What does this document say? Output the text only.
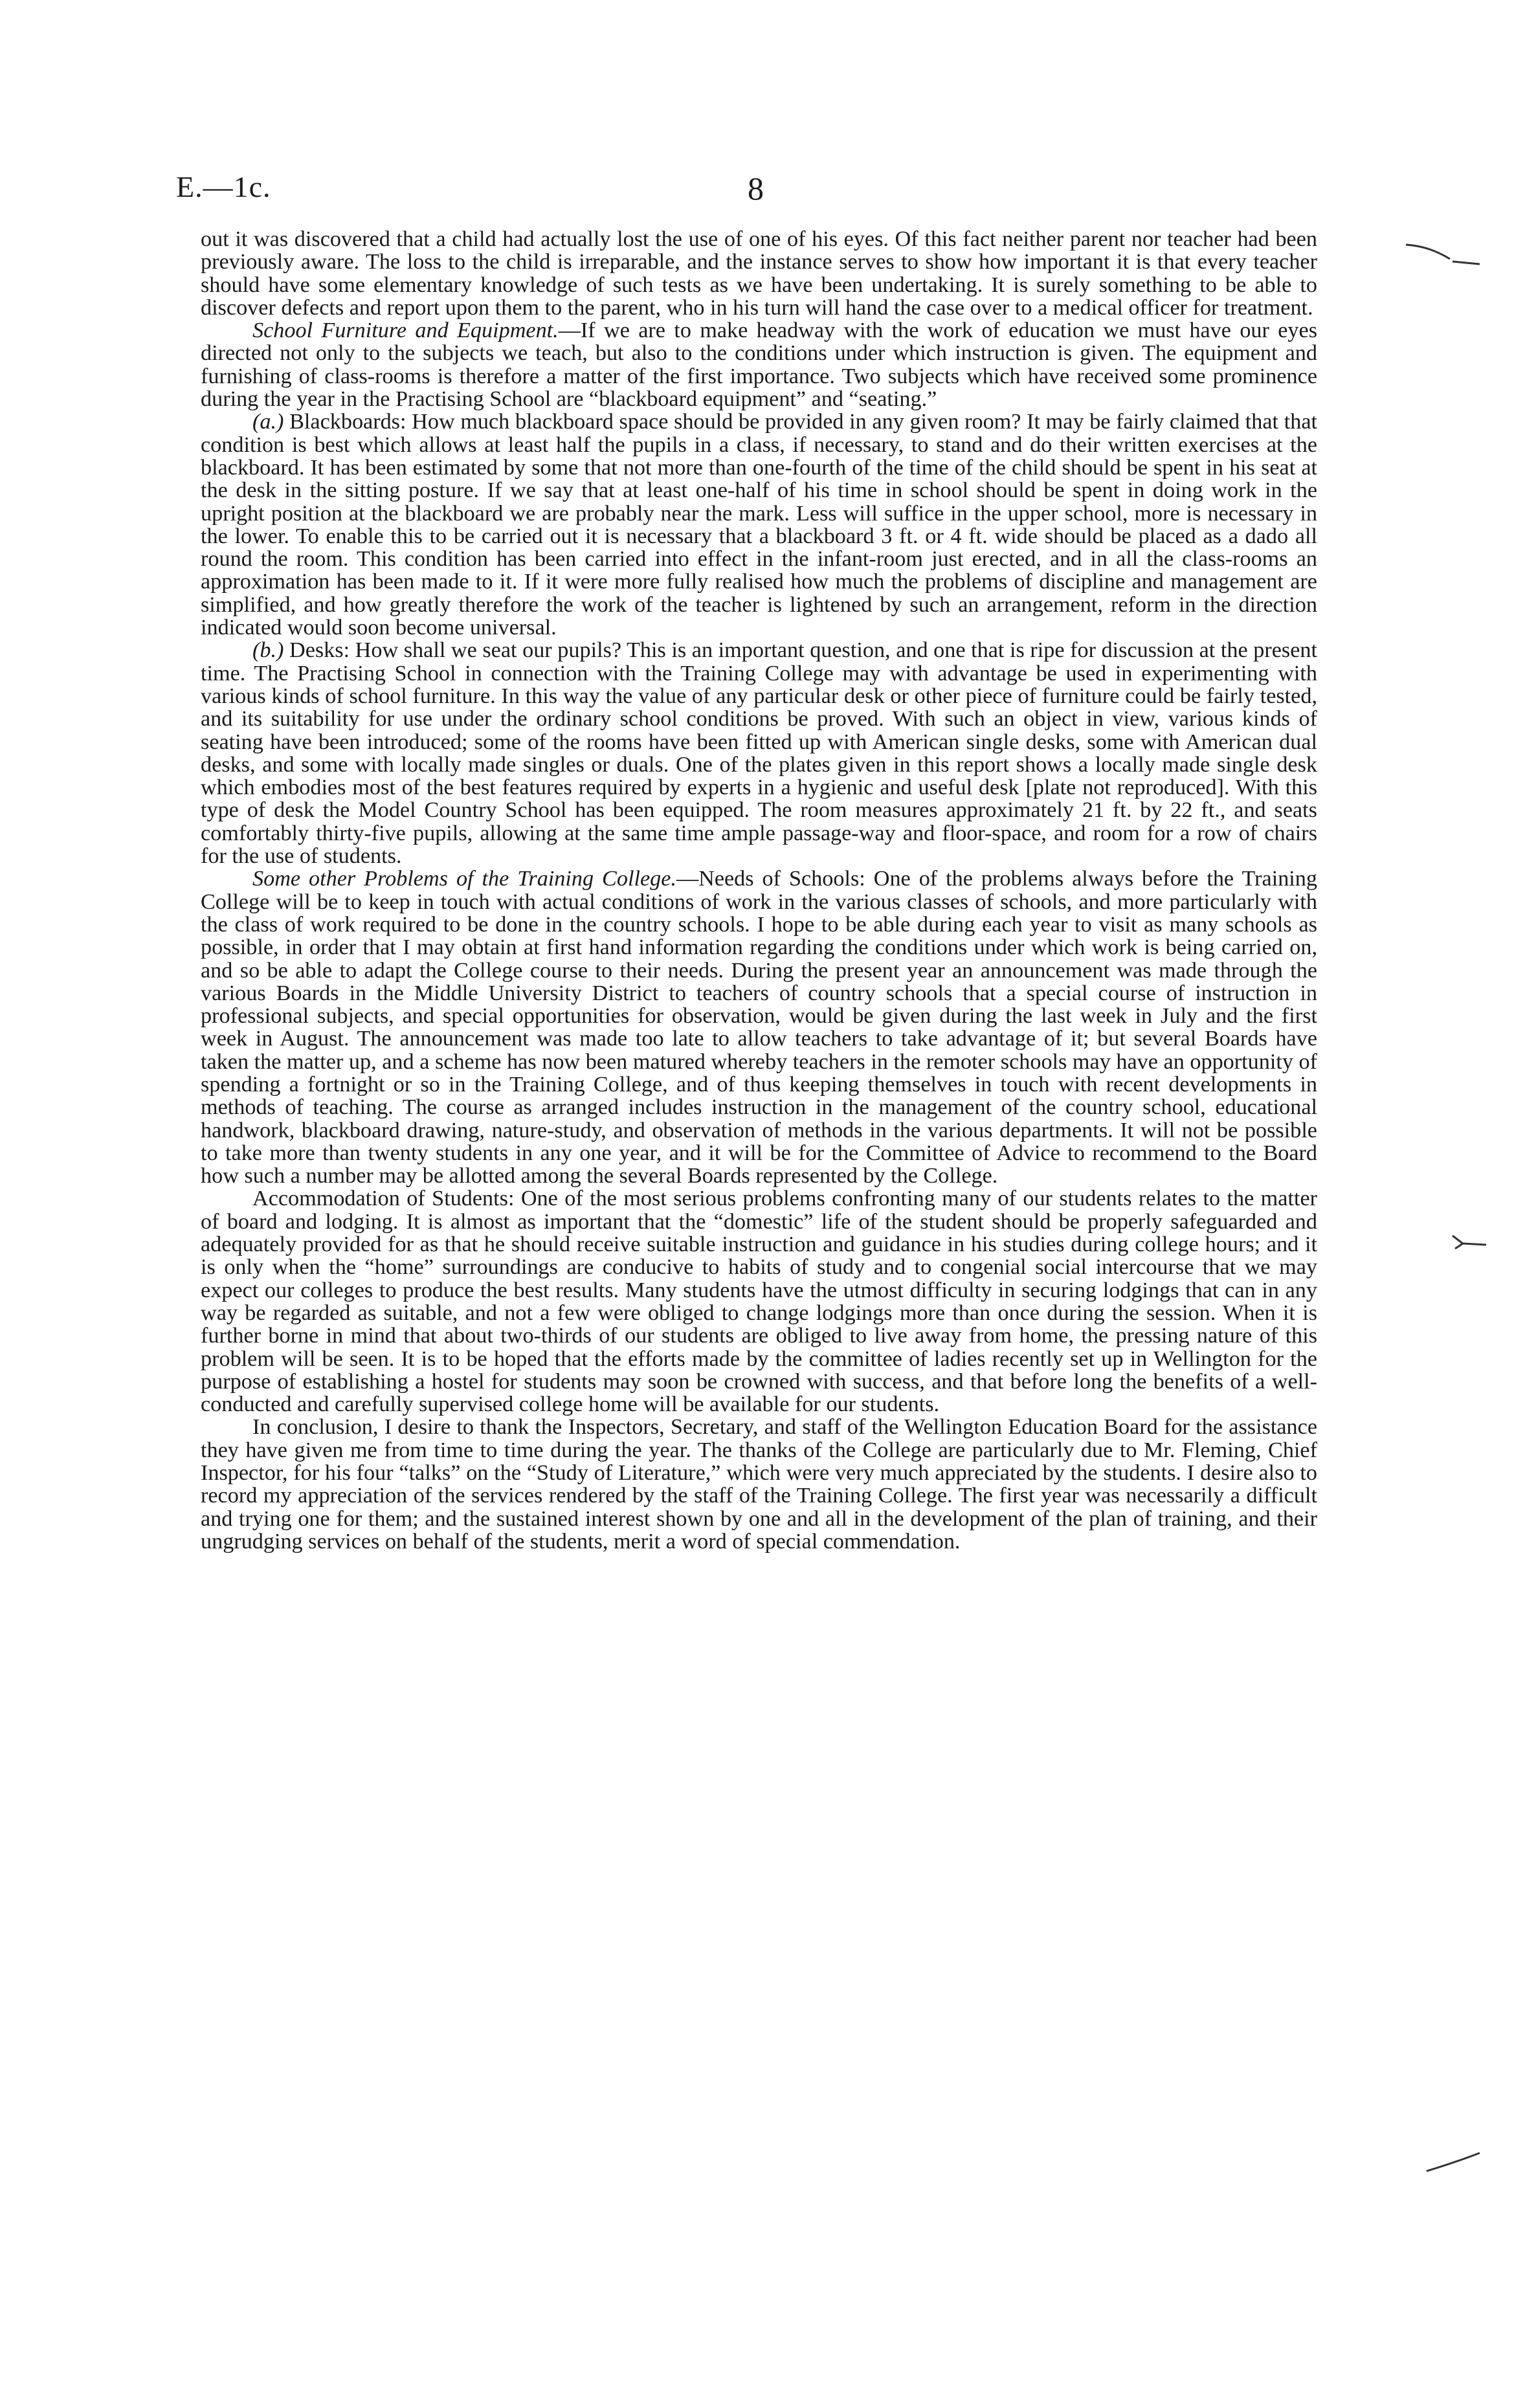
E.—1c.	8

out it was discovered that a child had actually lost the use of one of his eyes. Of this fact neither parent nor teacher had been previously aware. The loss to the child is irreparable, and the instance serves to show how important it is that every teacher should have some elementary knowledge of such tests as we have been undertaking. It is surely something to be able to discover defects and report upon them to the parent, who in his turn will hand the case over to a medical officer for treatment.

School Furniture and Equipment.—If we are to make headway with the work of education we must have our eyes directed not only to the subjects we teach, but also to the conditions under which instruction is given. The equipment and furnishing of class-rooms is therefore a matter of the first importance. Two subjects which have received some prominence during the year in the Practising School are “blackboard equipment” and “seating.”

(a.) Blackboards: How much blackboard space should be provided in any given room? It may be fairly claimed that that condition is best which allows at least half the pupils in a class, if necessary, to stand and do their written exercises at the blackboard. It has been estimated by some that not more than one-fourth of the time of the child should be spent in his seat at the desk in the sitting posture. If we say that at least one-half of his time in school should be spent in doing work in the upright position at the blackboard we are probably near the mark. Less will suffice in the upper school, more is necessary in the lower. To enable this to be carried out it is necessary that a blackboard 3 ft. or 4 ft. wide should be placed as a dado all round the room. This condition has been carried into effect in the infant-room just erected, and in all the class-rooms an approximation has been made to it. If it were more fully realised how much the problems of discipline and management are simplified, and how greatly therefore the work of the teacher is lightened by such an arrangement, reform in the direction indicated would soon become universal.

(b.) Desks: How shall we seat our pupils? This is an important question, and one that is ripe for discussion at the present time. The Practising School in connection with the Training College may with advantage be used in experimenting with various kinds of school furniture. In this way the value of any particular desk or other piece of furniture could be fairly tested, and its suitability for use under the ordinary school conditions be proved. With such an object in view, various kinds of seating have been introduced; some of the rooms have been fitted up with American single desks, some with American dual desks, and some with locally made singles or duals. One of the plates given in this report shows a locally made single desk which embodies most of the best features required by experts in a hygienic and useful desk [plate not reproduced]. With this type of desk the Model Country School has been equipped. The room measures approximately 21 ft. by 22 ft., and seats comfortably thirty-five pupils, allowing at the same time ample passage-way and floor-space, and room for a row of chairs for the use of students.

Some other Problems of the Training College.—Needs of Schools: One of the problems always before the Training College will be to keep in touch with actual conditions of work in the various classes of schools, and more particularly with the class of work required to be done in the country schools. I hope to be able during each year to visit as many schools as possible, in order that I may obtain at first hand information regarding the conditions under which work is being carried on, and so be able to adapt the College course to their needs. During the present year an announcement was made through the various Boards in the Middle University District to teachers of country schools that a special course of instruction in professional subjects, and special opportunities for observation, would be given during the last week in July and the first week in August. The announcement was made too late to allow teachers to take advantage of it; but several Boards have taken the matter up, and a scheme has now been matured whereby teachers in the remoter schools may have an opportunity of spending a fortnight or so in the Training College, and of thus keeping themselves in touch with recent developments in methods of teaching. The course as arranged includes instruction in the management of the country school, educational handwork, blackboard drawing, nature-study, and observation of methods in the various departments. It will not be possible to take more than twenty students in any one year, and it will be for the Committee of Advice to recommend to the Board how such a number may be allotted among the several Boards represented by the College.

Accommodation of Students: One of the most serious problems confronting many of our students relates to the matter of board and lodging. It is almost as important that the “domestic” life of the student should be properly safeguarded and adequately provided for as that he should receive suitable instruction and guidance in his studies during college hours; and it is only when the “home” surroundings are conducive to habits of study and to congenial social intercourse that we may expect our colleges to produce the best results. Many students have the utmost difficulty in securing lodgings that can in any way be regarded as suitable, and not a few were obliged to change lodgings more than once during the session. When it is further borne in mind that about two-thirds of our students are obliged to live away from home, the pressing nature of this problem will be seen. It is to be hoped that the efforts made by the committee of ladies recently set up in Wellington for the purpose of establishing a hostel for students may soon be crowned with success, and that before long the benefits of a well-conducted and carefully supervised college home will be available for our students.

In conclusion, I desire to thank the Inspectors, Secretary, and staff of the Wellington Education Board for the assistance they have given me from time to time during the year. The thanks of the College are particularly due to Mr. Fleming, Chief Inspector, for his four “talks” on the “Study of Literature,” which were very much appreciated by the students. I desire also to record my appreciation of the services rendered by the staff of the Training College. The first year was necessarily a difficult and trying one for them; and the sustained interest shown by one and all in the development of the plan of training, and their ungrudging services on behalf of the students, merit a word of special commendation.
